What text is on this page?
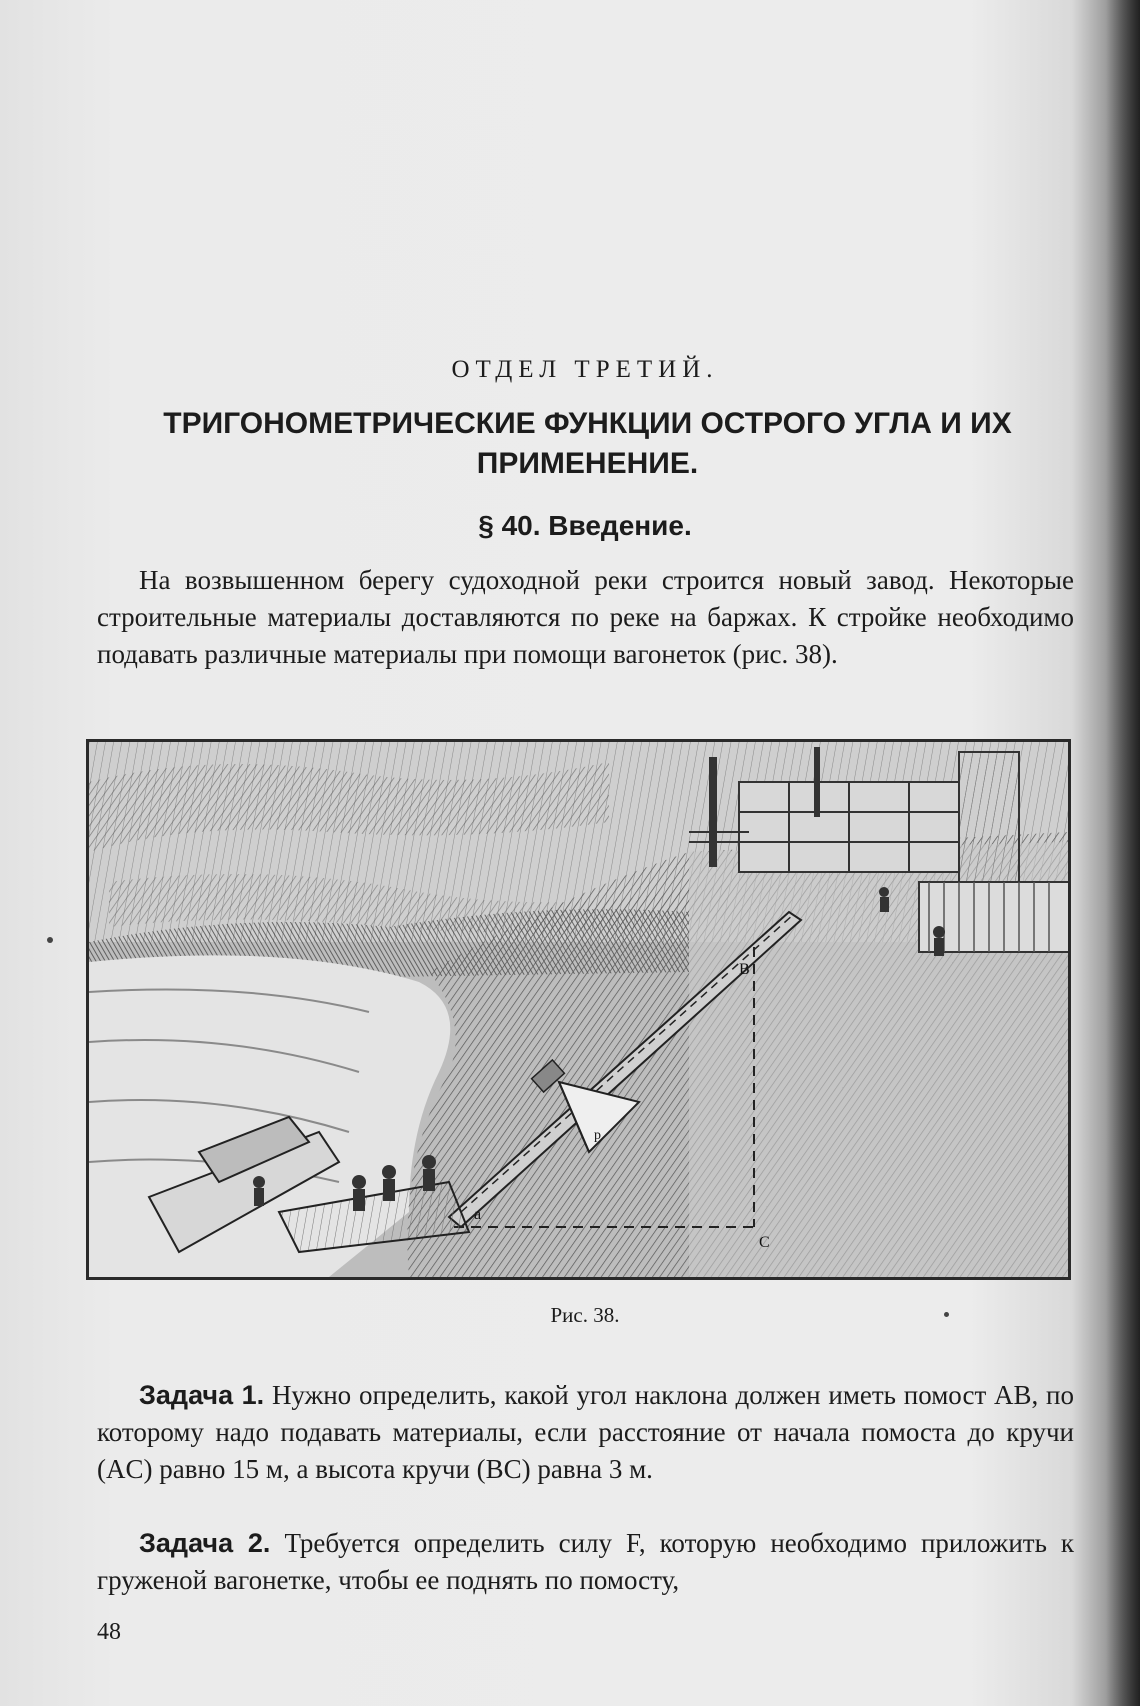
ОТДЕЛ ТРЕТИЙ.
ТРИГОНОМЕТРИЧЕСКИЕ ФУНКЦИИ ОСТРОГО УГЛА И ИХ ПРИМЕНЕНИЕ.
§ 40. Введение.

На возвышенном берегу судоходной реки строится новый завод. Некоторые строительные материалы доставляются по реке на баржах. К стройке необходимо подавать различные материалы при помощи вагонеток (рис. 38).

a
B
p
C
Рис. 38.

Задача 1. Нужно определить, какой угол наклона должен иметь помост AB, по которому надо подавать материалы, если расстояние от начала помоста до кручи (AC) равно 15 м, а высота кручи (BC) равна 3 м.

Задача 2. Требуется определить силу F, которую необходимо приложить к груженой вагонетке, чтобы ее поднять по помосту,

48
